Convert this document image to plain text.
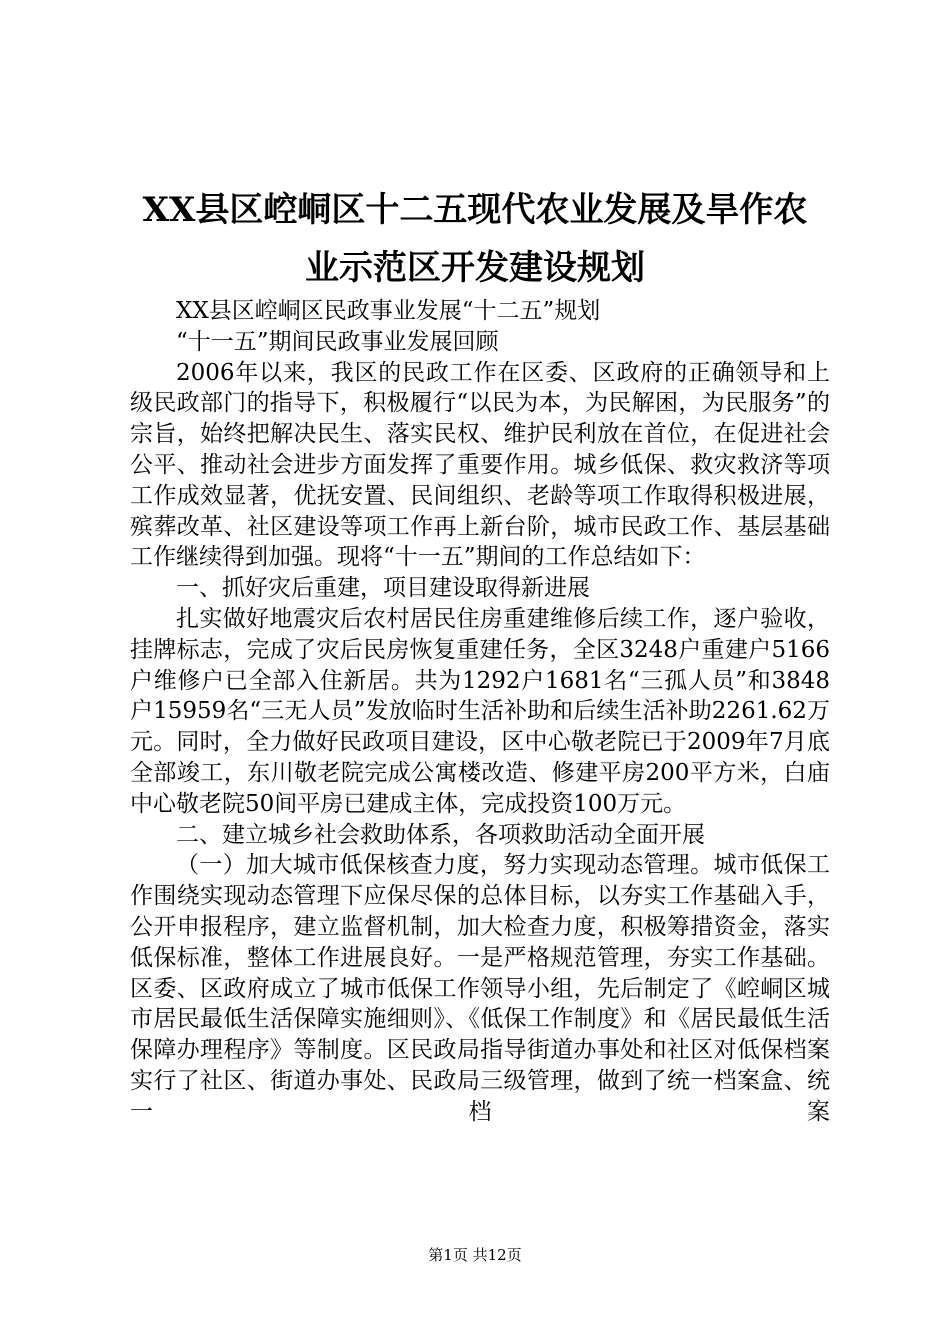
XX县区崆峒区十二五现代农业发展及旱作农
业示范区开发建设规划

XX县区崆峒区民政事业发展“十二五”规划

“十一五”期间民政事业发展回顾

2006年以来，我区的民政工作在区委、区政府的正确领导和上级民政部门的指导下，积极履行“以民为本，为民解困，为民服务”的宗旨，始终把解决民生、落实民权、维护民利放在首位，在促进社会公平、推动社会进步方面发挥了重要作用。城乡低保、救灾救济等项工作成效显著，优抚安置、民间组织、老龄等项工作取得积极进展，殡葬改革、社区建设等项工作再上新台阶，城市民政工作、基层基础工作继续得到加强。现将“十一五”期间的工作总结如下：

一、抓好灾后重建，项目建设取得新进展

扎实做好地震灾后农村居民住房重建维修后续工作，逐户验收，挂牌标志，完成了灾后民房恢复重建任务，全区3248户重建户5166户维修户已全部入住新居。共为1292户1681名“三孤人员”和3848户15959名“三无人员”发放临时生活补助和后续生活补助2261.62万元。同时，全力做好民政项目建设，区中心敬老院已于2009年7月底全部竣工，东川敬老院完成公寓楼改造、修建平房200平方米，白庙中心敬老院50间平房已建成主体，完成投资100万元。

二、建立城乡社会救助体系，各项救助活动全面开展

（一）加大城市低保核查力度，努力实现动态管理。城市低保工作围绕实现动态管理下应保尽保的总体目标，以夯实工作基础入手，公开申报程序，建立监督机制，加大检查力度，积极筹措资金，落实低保标准，整体工作进展良好。一是严格规范管理，夯实工作基础。区委、区政府成立了城市低保工作领导小组，先后制定了《崆峒区城市居民最低生活保障实施细则》、《低保工作制度》和《居民最低生活保障办理程序》等制度。区民政局指导街道办事处和社区对低保档案实行了社区、街道办事处、民政局三级管理，做到了统一档案盒、统一档案

第1页 共12页
